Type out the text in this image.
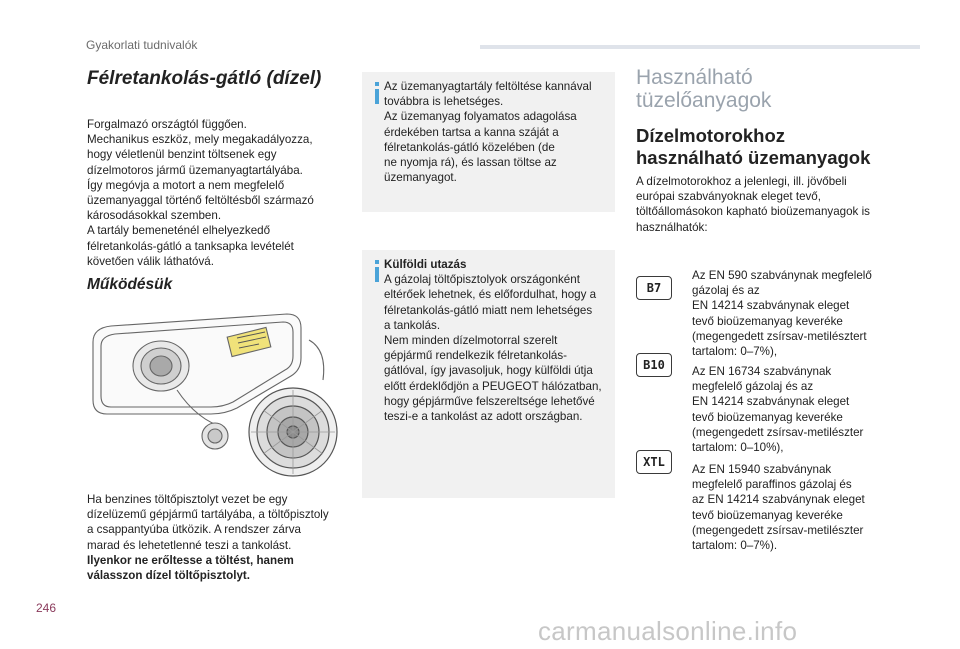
Gyakorlati tudnivalók
Félretankolás-gátló (dízel)

Forgalmazó országtól függően.

Mechanikus eszköz, mely megakadályozza,

hogy véletlenül benzint töltsenek egy

dízelmotoros jármű üzemanyagtartályába.

Így megóvja a motort a nem megfelelő

üzemanyaggal történő feltöltésből származó

károsodásokkal szemben.

A tartály bemeneténél elhelyezkedő

félretankolás-gátló a tanksapka levételét

követően válik láthatóvá.

Működésük

Ha benzines töltőpisztolyt vezet be egy

dízelüzemű gépjármű tartályába, a töltőpisztoly

a csappantyúba ütközik. A rendszer zárva

marad és lehetetlenné teszi a tankolást.

Ilyenkor ne erőltesse a töltést, hanem

válasszon dízel töltőpisztolyt.

Az üzemanyagtartály feltöltése kannával
továbbra is lehetséges.
Az üzemanyag folyamatos adagolása
érdekében tartsa a kanna száját a
félretankolás-gátló közelében (de
ne nyomja rá), és lassan töltse az
üzemanyagot.
Külföldi utazás
A gázolaj töltőpisztolyok országonként
eltérőek lehetnek, és előfordulhat, hogy a
félretankolás-gátló miatt nem lehetséges
a tankolás.
Nem minden dízelmotorral szerelt
gépjármű rendelkezik félretankolás-
gátlóval, így javasoljuk, hogy külföldi útja
előtt érdeklődjön a PEUGEOT hálózatban,
hogy gépjárműve felszereltsége lehetővé
teszi-e a tankolást az adott országban.
Használható
tüzelőanyagok
Dízelmotorokhoz
használható üzemanyagok

A dízelmotorokhoz a jelenlegi, ill. jövőbeli

európai szabványoknak eleget tevő,

töltőállomásokon kapható bioüzemanyagok is

használhatók:

B7
Az EN 590 szabványnak megfelelő
gázolaj és az
EN 14214 szabványnak eleget
tevő bioüzemanyag keveréke
(megengedett zsírsav-metilésztert
tartalom: 0–7%),
B10	Az EN 16734 szabványnak
megfelelő gázolaj és az
EN 14214 szabványnak eleget
tevő bioüzemanyag keveréke
(megengedett zsírsav-metilészter
tartalom: 0–10%),
XTL
Az EN 15940 szabványnak
megfelelő paraffinos gázolaj és
az EN 14214 szabványnak eleget
tevő bioüzemanyag keveréke
(megengedett zsírsav-metilészter
tartalom: 0–7%).
246
carmanualsonline.info
